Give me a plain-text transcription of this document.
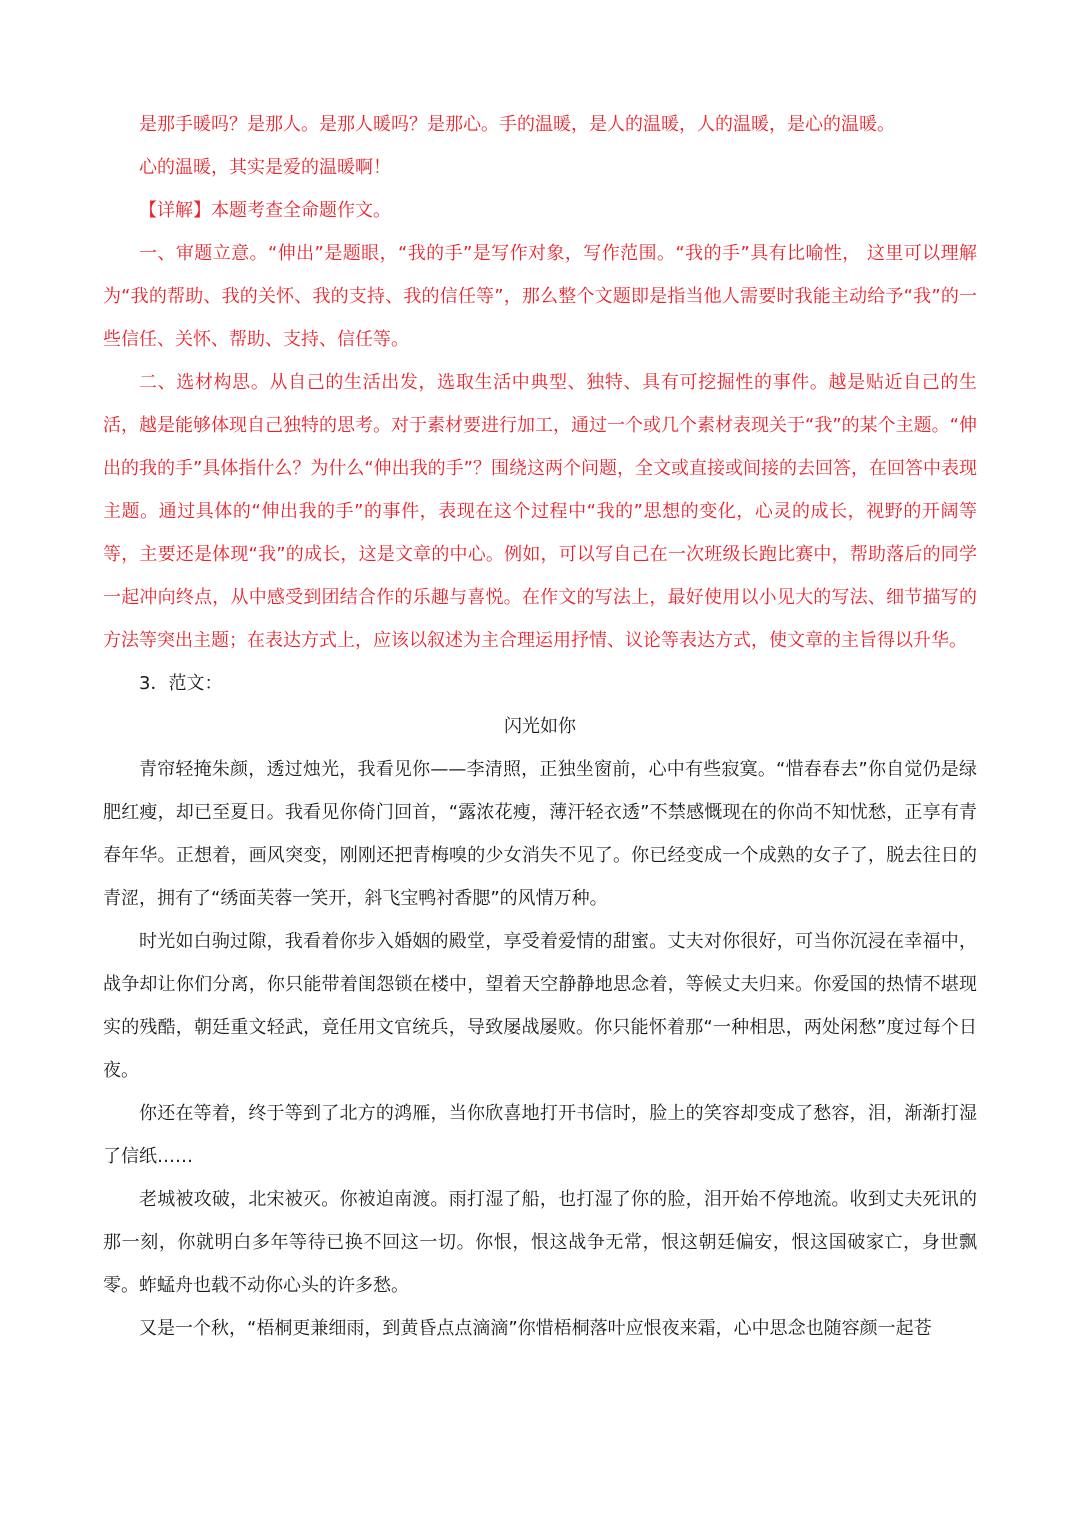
是那手暖吗？是那人。是那人暖吗？是那心。手的温暖，是人的温暖，人的温暖，是心的温暖。

心的温暖，其实是爱的温暖啊！

【详解】本题考查全命题作文。

一、审题立意。“伸出”是题眼，“我的手”是写作对象，写作范围。“我的手”具有比喻性， 这里可以理解为“我的帮助、我的关怀、我的支持、我的信任等”，那么整个文题即是指当他人需要时我能主动给予“我”的一些信任、关怀、帮助、支持、信任等。

二、选材构思。从自己的生活出发，选取生活中典型、独特、具有可挖掘性的事件。越是贴近自己的生活，越是能够体现自己独特的思考。对于素材要进行加工，通过一个或几个素材表现关于“我”的某个主题。“伸出的我的手”具体指什么？为什么“伸出我的手”？围绕这两个问题，全文或直接或间接的去回答，在回答中表现主题。通过具体的“伸出我的手”的事件，表现在这个过程中“我的”思想的变化，心灵的成长，视野的开阔等等，主要还是体现“我”的成长，这是文章的中心。例如，可以写自己在一次班级长跑比赛中，帮助落后的同学一起冲向终点，从中感受到团结合作的乐趣与喜悦。在作文的写法上，最好使用以小见大的写法、细节描写的方法等突出主题；在表达方式上，应该以叙述为主合理运用抒情、议论等表达方式，使文章的主旨得以升华。

3．范文：

闪光如你

青帘轻掩朱颜，透过烛光，我看见你——李清照，正独坐窗前，心中有些寂寞。“惜春春去”你自觉仍是绿肥红瘦，却已至夏日。我看见你倚门回首，“露浓花瘦，薄汗轻衣透”不禁感慨现在的你尚不知忧愁，正享有青春年华。正想着，画风突变，刚刚还把青梅嗅的少女消失不见了。你已经变成一个成熟的女子了，脱去往日的青涩，拥有了“绣面芙蓉一笑开，斜飞宝鸭衬香腮”的风情万种。

时光如白驹过隙，我看着你步入婚姻的殿堂，享受着爱情的甜蜜。丈夫对你很好，可当你沉浸在幸福中，战争却让你们分离，你只能带着闺怨锁在楼中，望着天空静静地思念着，等候丈夫归来。你爱国的热情不堪现实的残酷，朝廷重文轻武，竟任用文官统兵，导致屡战屡败。你只能怀着那“一种相思，两处闲愁”度过每个日夜。

你还在等着，终于等到了北方的鸿雁，当你欣喜地打开书信时，脸上的笑容却变成了愁容，泪，渐渐打湿了信纸……

老城被攻破，北宋被灭。你被迫南渡。雨打湿了船，也打湿了你的脸，泪开始不停地流。收到丈夫死讯的那一刻，你就明白多年等待已换不回这一切。你恨，恨这战争无常，恨这朝廷偏安，恨这国破家亡，身世飘零。蚱蜢舟也载不动你心头的许多愁。

又是一个秋，“梧桐更兼细雨，到黄昏点点滴滴”你惜梧桐落叶应恨夜来霜，心中思念也随容颜一起苍
